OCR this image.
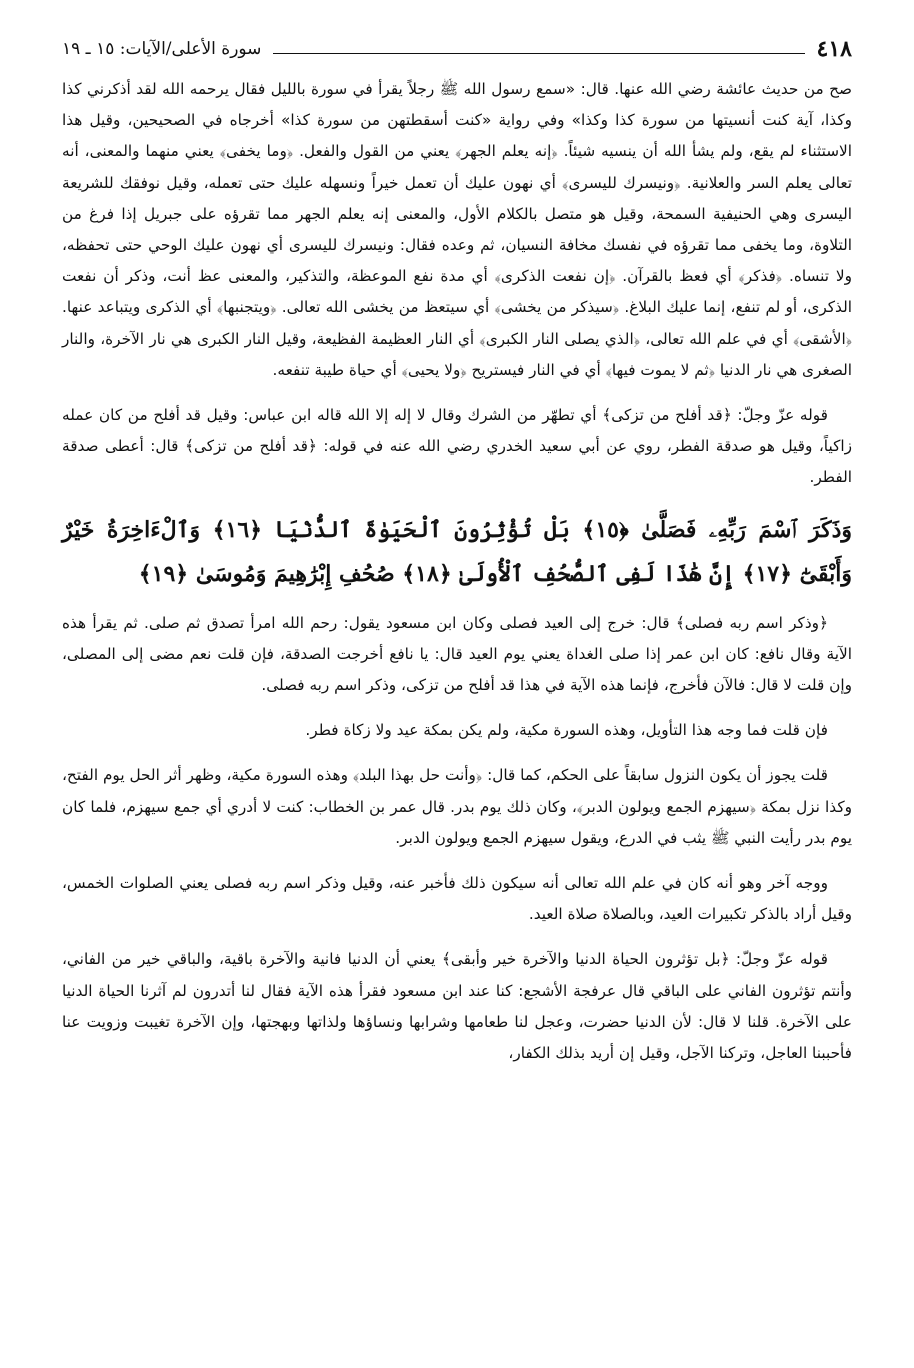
٤١٨
سورة الأعلى/الآيات: ١٥ ـ ١٩

صح من حديث عائشة رضي الله عنها. قال: «سمع رسول الله ﷺ رجلاً يقرأ في سورة بالليل فقال يرحمه الله لقد أذكرني كذا وكذا، آية كنت أنسيتها من سورة كذا وكذا» وفي رواية «كنت أسقطتهن من سورة كذا» أخرجاه في الصحيحين، وقيل هذا الاستثناء لم يقع، ولم يشأ الله أن ينسيه شيئاً. ﴿إنه يعلم الجهر﴾ يعني من القول والفعل. ﴿وما يخفى﴾ يعني منهما والمعنى، أنه تعالى يعلم السر والعلانية. ﴿ونيسرك لليسرى﴾ أي نهون عليك أن تعمل خيراً ونسهله عليك حتى تعمله، وقيل نوفقك للشريعة اليسرى وهي الحنيفية السمحة، وقيل هو متصل بالكلام الأول، والمعنى إنه يعلم الجهر مما تقرؤه على جبريل إذا فرغ من التلاوة، وما يخفى مما تقرؤه في نفسك مخافة النسيان، ثم وعده فقال: ونيسرك لليسرى أي نهون عليك الوحي حتى تحفظه، ولا تنساه. ﴿فذكر﴾ أي فعظ بالقرآن. ﴿إن نفعت الذكرى﴾ أي مدة نفع الموعظة، والتذكير، والمعنى عظ أنت، وذكر أن نفعت الذكرى، أو لم تنفع، إنما عليك البلاغ. ﴿سيذكر من يخشى﴾ أي سيتعظ من يخشى الله تعالى. ﴿ويتجنبها﴾ أي الذكرى ويتباعد عنها. ﴿الأشقى﴾ أي في علم الله تعالى، ﴿الذي يصلى النار الكبرى﴾ أي النار العظيمة الفظيعة، وقيل النار الكبرى هي نار الآخرة، والنار الصغرى هي نار الدنيا ﴿ثم لا يموت فيها﴾ أي في النار فيستريح ﴿ولا يحيى﴾ أي حياة طيبة تنفعه.

قوله عزّ وجلّ: ﴿قد أفلح من تزكى﴾ أي تطهّر من الشرك وقال لا إله إلا الله قاله ابن عباس: وقيل قد أفلح من كان عمله زاكياً، وقيل هو صدقة الفطر، روي عن أبي سعيد الخدري رضي الله عنه في قوله: ﴿قد أفلح من تزكى﴾ قال: أعطى صدقة الفطر.

وَذَكَرَ ٱسْمَ رَبِّهِۦ فَصَلَّىٰ ﴿١٥﴾ بَلْ تُؤْثِرُونَ ٱلْحَيَوٰةَ ٱلدُّنْيَا ﴿١٦﴾ وَٱلْءَاخِرَةُ خَيْرٌ وَأَبْقَىٰٓ ﴿١٧﴾ إِنَّ هَٰذَا لَفِى ٱلصُّحُفِ ٱلْأُولَىٰ ﴿١٨﴾ صُحُفِ إِبْرَٰهِيمَ وَمُوسَىٰ ﴿١٩﴾

﴿وذكر اسم ربه فصلى﴾ قال: خرج إلى العيد فصلى وكان ابن مسعود يقول: رحم الله امرأ تصدق ثم صلى. ثم يقرأ هذه الآية وقال نافع: كان ابن عمر إذا صلى الغداة يعني يوم العيد قال: يا نافع أخرجت الصدقة، فإن قلت نعم مضى إلى المصلى، وإن قلت لا قال: فالآن فأخرج، فإنما هذه الآية في هذا قد أفلح من تزكى، وذكر اسم ربه فصلى.

فإن قلت فما وجه هذا التأويل، وهذه السورة مكية، ولم يكن بمكة عيد ولا زكاة فطر.

قلت يجوز أن يكون النزول سابقاً على الحكم، كما قال: ﴿وأنت حل بهذا البلد﴾ وهذه السورة مكية، وظهر أثر الحل يوم الفتح، وكذا نزل بمكة ﴿سيهزم الجمع ويولون الدبر﴾، وكان ذلك يوم بدر. قال عمر بن الخطاب: كنت لا أدري أي جمع سيهزم، فلما كان يوم بدر رأيت النبي ﷺ يثب في الدرع، ويقول سيهزم الجمع ويولون الدبر.

ووجه آخر وهو أنه كان في علم الله تعالى أنه سيكون ذلك فأخبر عنه، وقيل وذكر اسم ربه فصلى يعني الصلوات الخمس، وقيل أراد بالذكر تكبيرات العيد، وبالصلاة صلاة العيد.

قوله عزّ وجلّ: ﴿بل تؤثرون الحياة الدنيا والآخرة خير وأبقى﴾ يعني أن الدنيا فانية والآخرة باقية، والباقي خير من الفاني، وأنتم تؤثرون الفاني على الباقي قال عرفجة الأشجع: كنا عند ابن مسعود فقرأ هذه الآية فقال لنا أتدرون لم آثرنا الحياة الدنيا على الآخرة. قلنا لا قال: لأن الدنيا حضرت، وعجل لنا طعامها وشرابها ونساؤها ولذاتها وبهجتها، وإن الآخرة تغيبت وزويت عنا فأحببنا العاجل، وتركنا الآجل، وقيل إن أريد بذلك الكفار،
